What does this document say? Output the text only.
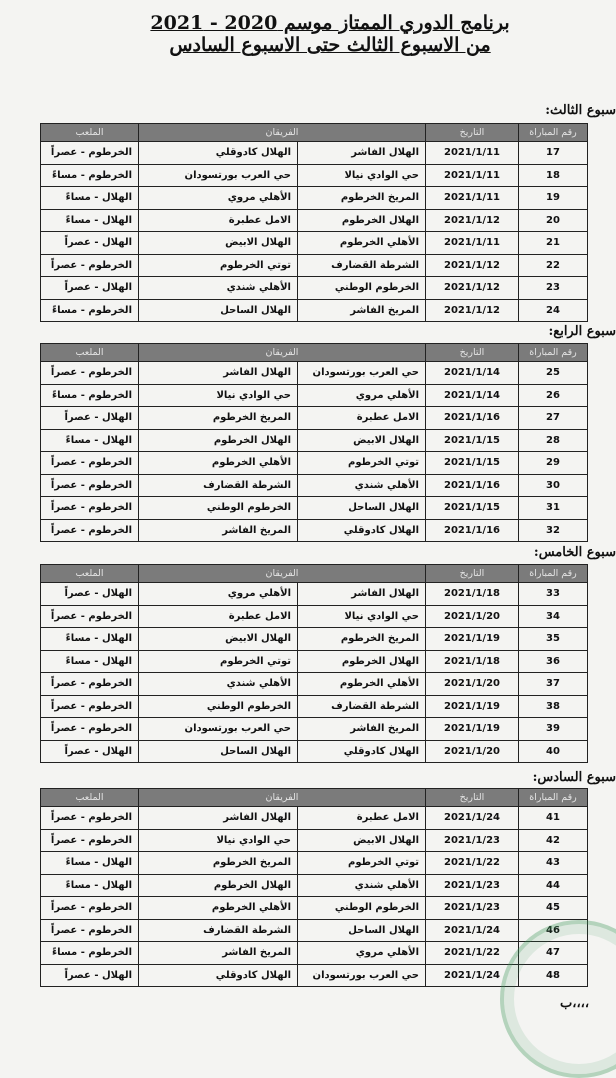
برنامج الدوري الممتاز موسم 2020 - 2021
من الاسبوع الثالث حتى الاسبوع السادس
سبوع الثالث:
رقم المباراة	التاريخ	الفريقان		الملعب
17	2021/1/11	الهلال الفاشر	الهلال كادوقلي	الخرطوم - عصراً
18	2021/1/11	حي الوادي نيالا	حي العرب بورتسودان	الخرطوم - مساءً
19	2021/1/11	المريخ الخرطوم	الأهلي مروي	الهلال - مساءً
20	2021/1/12	الهلال الخرطوم	الامل عطبرة	الهلال - مساءً
21	2021/1/11	الأهلي الخرطوم	الهلال الابيض	الهلال - عصراً
22	2021/1/12	الشرطة القضارف	توتي الخرطوم	الخرطوم - عصراً
23	2021/1/12	الخرطوم الوطني	الأهلي شندي	الهلال - عصراً
24	2021/1/12	المريخ الفاشر	الهلال الساحل	الخرطوم - مساءً
سبوع الرابع:
رقم المباراة	التاريخ	الفريقان		الملعب
25	2021/1/14	حي العرب بورتسودان	الهلال الفاشر	الخرطوم - عصراً
26	2021/1/14	الأهلي مروي	حي الوادي نيالا	الخرطوم - مساءً
27	2021/1/16	الامل عطبرة	المريخ الخرطوم	الهلال - عصراً
28	2021/1/15	الهلال الابيض	الهلال الخرطوم	الهلال - مساءً
29	2021/1/15	توتي الخرطوم	الأهلي الخرطوم	الخرطوم - عصراً
30	2021/1/16	الأهلي شندي	الشرطة القضارف	الخرطوم - عصراً
31	2021/1/15	الهلال الساحل	الخرطوم الوطني	الخرطوم - عصراً
32	2021/1/16	الهلال كادوقلي	المريخ الفاشر	الخرطوم - عصراً
سبوع الخامس:
رقم المباراة	التاريخ	الفريقان		الملعب
33	2021/1/18	الهلال الفاشر	الأهلي مروي	الهلال - عصراً
34	2021/1/20	حي الوادي نيالا	الامل عطبرة	الخرطوم - عصراً
35	2021/1/19	المريخ الخرطوم	الهلال الابيض	الهلال - مساءً
36	2021/1/18	الهلال الخرطوم	توتي الخرطوم	الهلال - مساءً
37	2021/1/20	الأهلي الخرطوم	الأهلي شندي	الخرطوم - عصراً
38	2021/1/19	الشرطة القضارف	الخرطوم الوطني	الخرطوم - عصراً
39	2021/1/19	المريخ الفاشر	حي العرب بورتسودان	الخرطوم - عصراً
40	2021/1/20	الهلال كادوقلي	الهلال الساحل	الهلال - عصراً
سبوع السادس:
رقم المباراة	التاريخ	الفريقان		الملعب
41	2021/1/24	الامل عطبرة	الهلال الفاشر	الخرطوم - عصراً
42	2021/1/23	الهلال الابيض	حي الوادي نيالا	الخرطوم - عصراً
43	2021/1/22	توتي الخرطوم	المريخ الخرطوم	الهلال - مساءً
44	2021/1/23	الأهلي شندي	الهلال الخرطوم	الهلال - مساءً
45	2021/1/23	الخرطوم الوطني	الأهلي الخرطوم	الخرطوم - عصراً
46	2021/1/24	الهلال الساحل	الشرطة القضارف	الخرطوم - عصراً
47	2021/1/22	الأهلي مروي	المريخ الفاشر	الخرطوم - مساءً
48	2021/1/24	حي العرب بورتسودان	الهلال كادوقلي	الهلال - عصراً
ب،،،،
